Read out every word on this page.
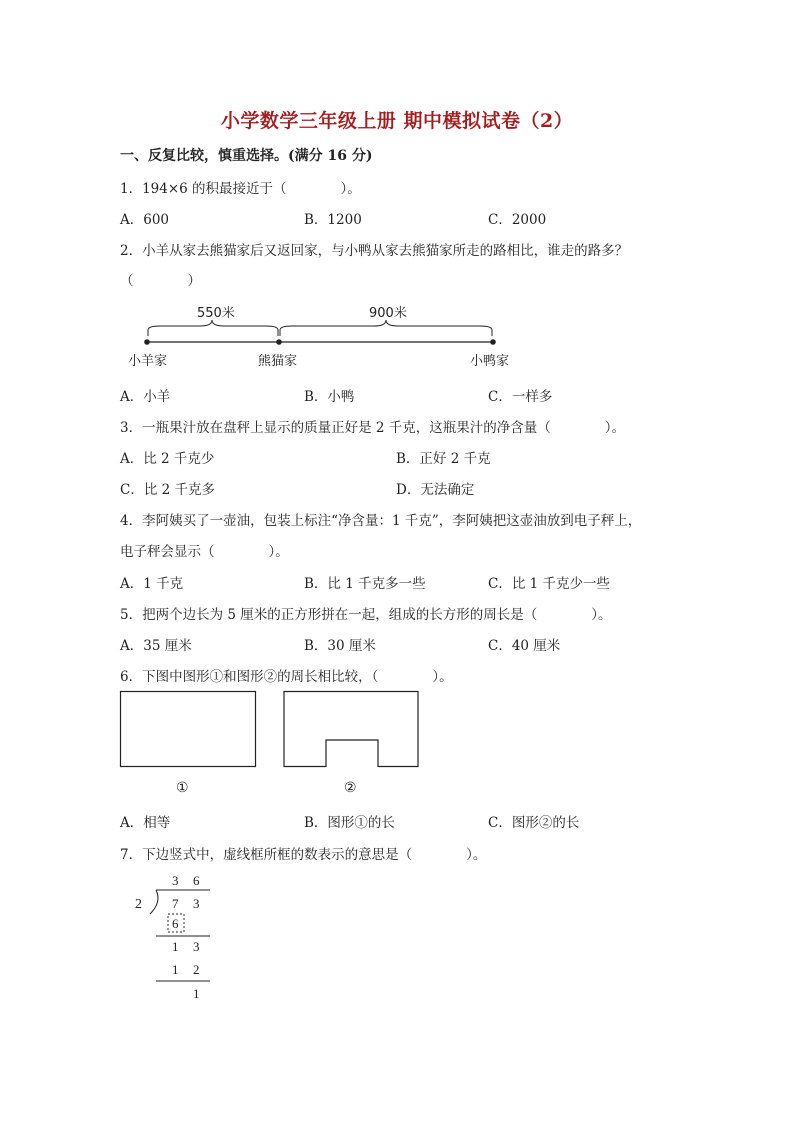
小学数学三年级上册 期中模拟试卷（2）
一、反复比较，慎重选择。(满分 16 分)
1．194×6 的积最接近于（　　　　）。
A．600	B．1200	C．2000
2．小羊从家去熊猫家后又返回家，与小鸭从家去熊猫家所走的路相比，谁走的路多？
（　　　　）
550米	900米
小羊家	熊猫家	小鸭家
A．小羊	B．小鸭	C．一样多
3．一瓶果汁放在盘秤上显示的质量正好是 2 千克，这瓶果汁的净含量（　　　　）。
A．比 2 千克少	B．正好 2 千克
C．比 2 千克多	D．无法确定
4．李阿姨买了一壶油，包装上标注“净含量：1 千克”，李阿姨把这壶油放到电子秤上，
电子秤会显示（　　　　）。
A．1 千克	B．比 1 千克多一些	C．比 1 千克少一些
5．把两个边长为 5 厘米的正方形拼在一起，组成的长方形的周长是（　　　　）。
A．35 厘米	B．30 厘米	C．40 厘米
6．下图中图形①和图形②的周长相比较，（　　　　）。
①	②
A．相等	B．图形①的长	C．图形②的长
7．下边竖式中，虚线框所框的数表示的意思是（　　　　）。
3 6
2 7 3
6
1 3
1 2
1
